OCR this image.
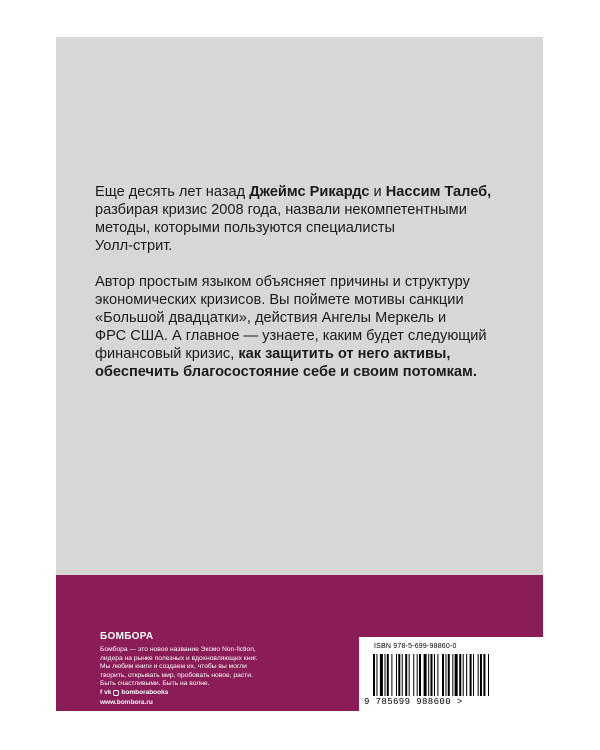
Еще десять лет назад Джеймс Рикардс и Нассим Талеб,
разбирая кризис 2008 года, назвали некомпетентными
методы, которыми пользуются специалисты
Уолл-стрит.

Автор простым языком объясняет причины и структуру
экономических кризисов. Вы поймете мотивы санкции
«Большой двадцатки», действия Ангелы Меркель и
ФРС США. А главное — узнаете, каким будет следующий
финансовый кризис, как защитить от него активы,
обеспечить благосостояние себе и своим потомкам.

БОМБОРА
Бомбора — это новое название Эксмо Non-fiction,
лидера на рынке полезных и вдохновляющих книг.
Мы любим книги и создаем их, чтобы вы могли
творить, открывать мир, пробовать новое, расти.
Быть счастливыми. Быть на волне.
f vk bomborabooks
www.bombora.ru
ISBN 978-5-699-98860-0
9 785699 988600 >
